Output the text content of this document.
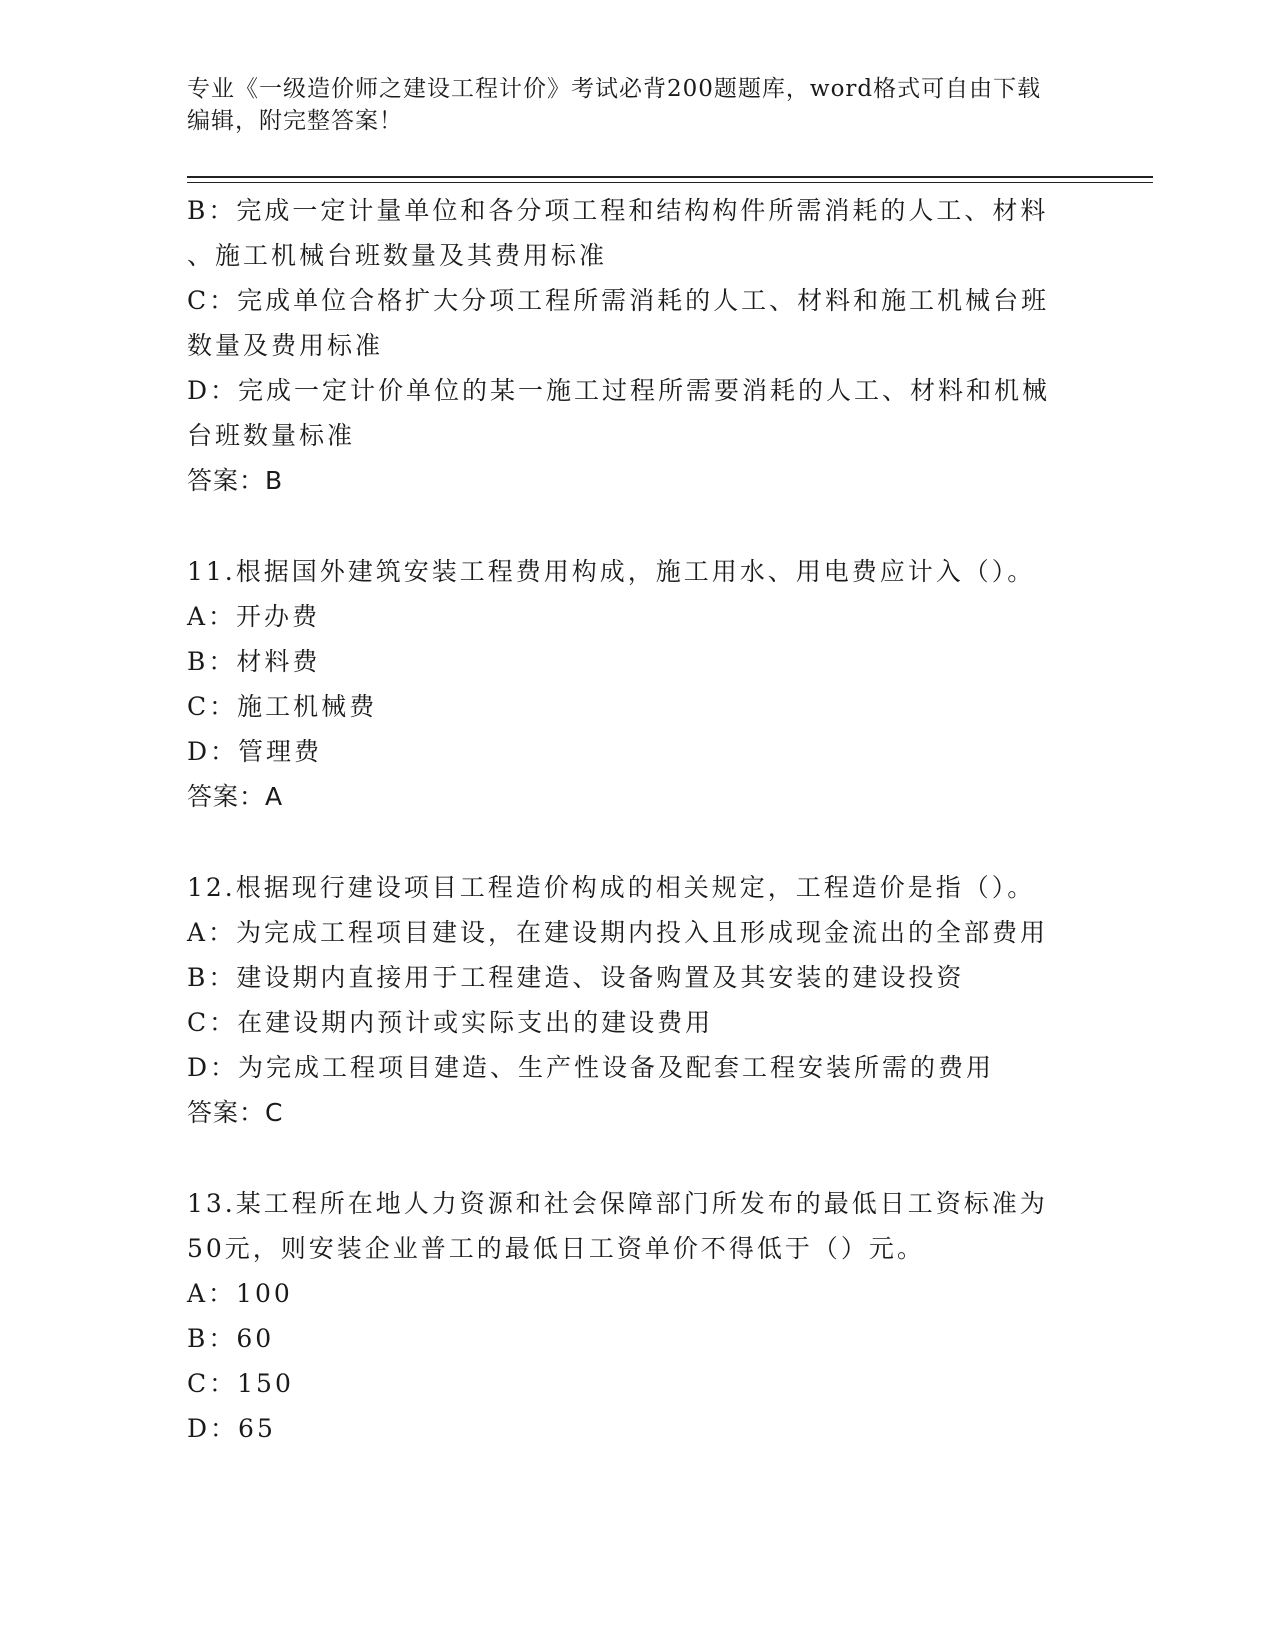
专业《一级造价师之建设工程计价》考试必背200题题库，word格式可自由下载
编辑，附完整答案！
B：完成一定计量单位和各分项工程和结构构件所需消耗的人工、材料
、施工机械台班数量及其费用标准
C：完成单位合格扩大分项工程所需消耗的人工、材料和施工机械台班
数量及费用标准
D：完成一定计价单位的某一施工过程所需要消耗的人工、材料和机械
台班数量标准
答案：B
11.根据国外建筑安装工程费用构成，施工用水、用电费应计入（）。
A：开办费
B：材料费
C：施工机械费
D：管理费
答案：A
12.根据现行建设项目工程造价构成的相关规定，工程造价是指（）。
A：为完成工程项目建设，在建设期内投入且形成现金流出的全部费用
B：建设期内直接用于工程建造、设备购置及其安装的建设投资
C：在建设期内预计或实际支出的建设费用
D：为完成工程项目建造、生产性设备及配套工程安装所需的费用
答案：C
13.某工程所在地人力资源和社会保障部门所发布的最低日工资标准为
50元，则安装企业普工的最低日工资单价不得低于（）元。
A：100
B：60
C：150
D：65
